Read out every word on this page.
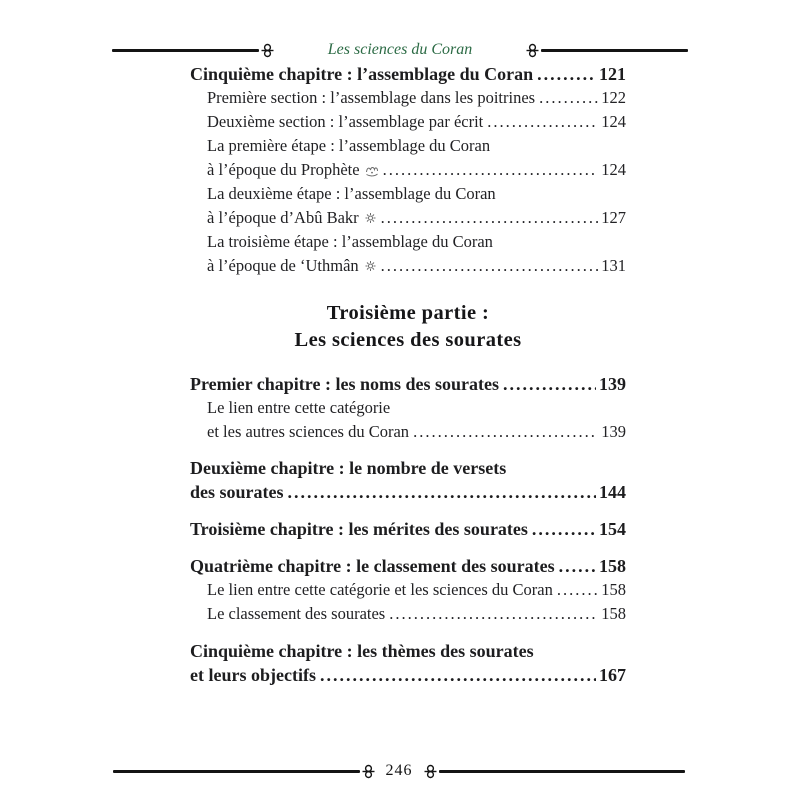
Les sciences du Coran
Cinquième chapitre : l’assemblage du Coran .....	121
Première section : l’assemblage dans les poitrines .....	122
Deuxième section : l’assemblage par écrit .....	124
La première étape : l’assemblage du Coran
à l’époque du Prophète .....	124
La deuxième étape : l’assemblage du Coran
à l’époque d’Abû Bakr .....	127
La troisième étape : l’assemblage du Coran
à l’époque de ‘Uthmân .....	131
Troisième partie :
Les sciences des sourates
Premier chapitre : les noms des sourates .....	139
Le lien entre cette catégorie
et les autres sciences du Coran .....	139
Deuxième chapitre : le nombre de versets
des sourates .....	144
Troisième chapitre : les mérites des sourates .....	154
Quatrième chapitre : le classement des sourates ..... 158
Le lien entre cette catégorie et les sciences du Coran .....	158
Le classement des sourates .....	158
Cinquième chapitre : les thèmes des sourates
et leurs objectifs .....	167
246
